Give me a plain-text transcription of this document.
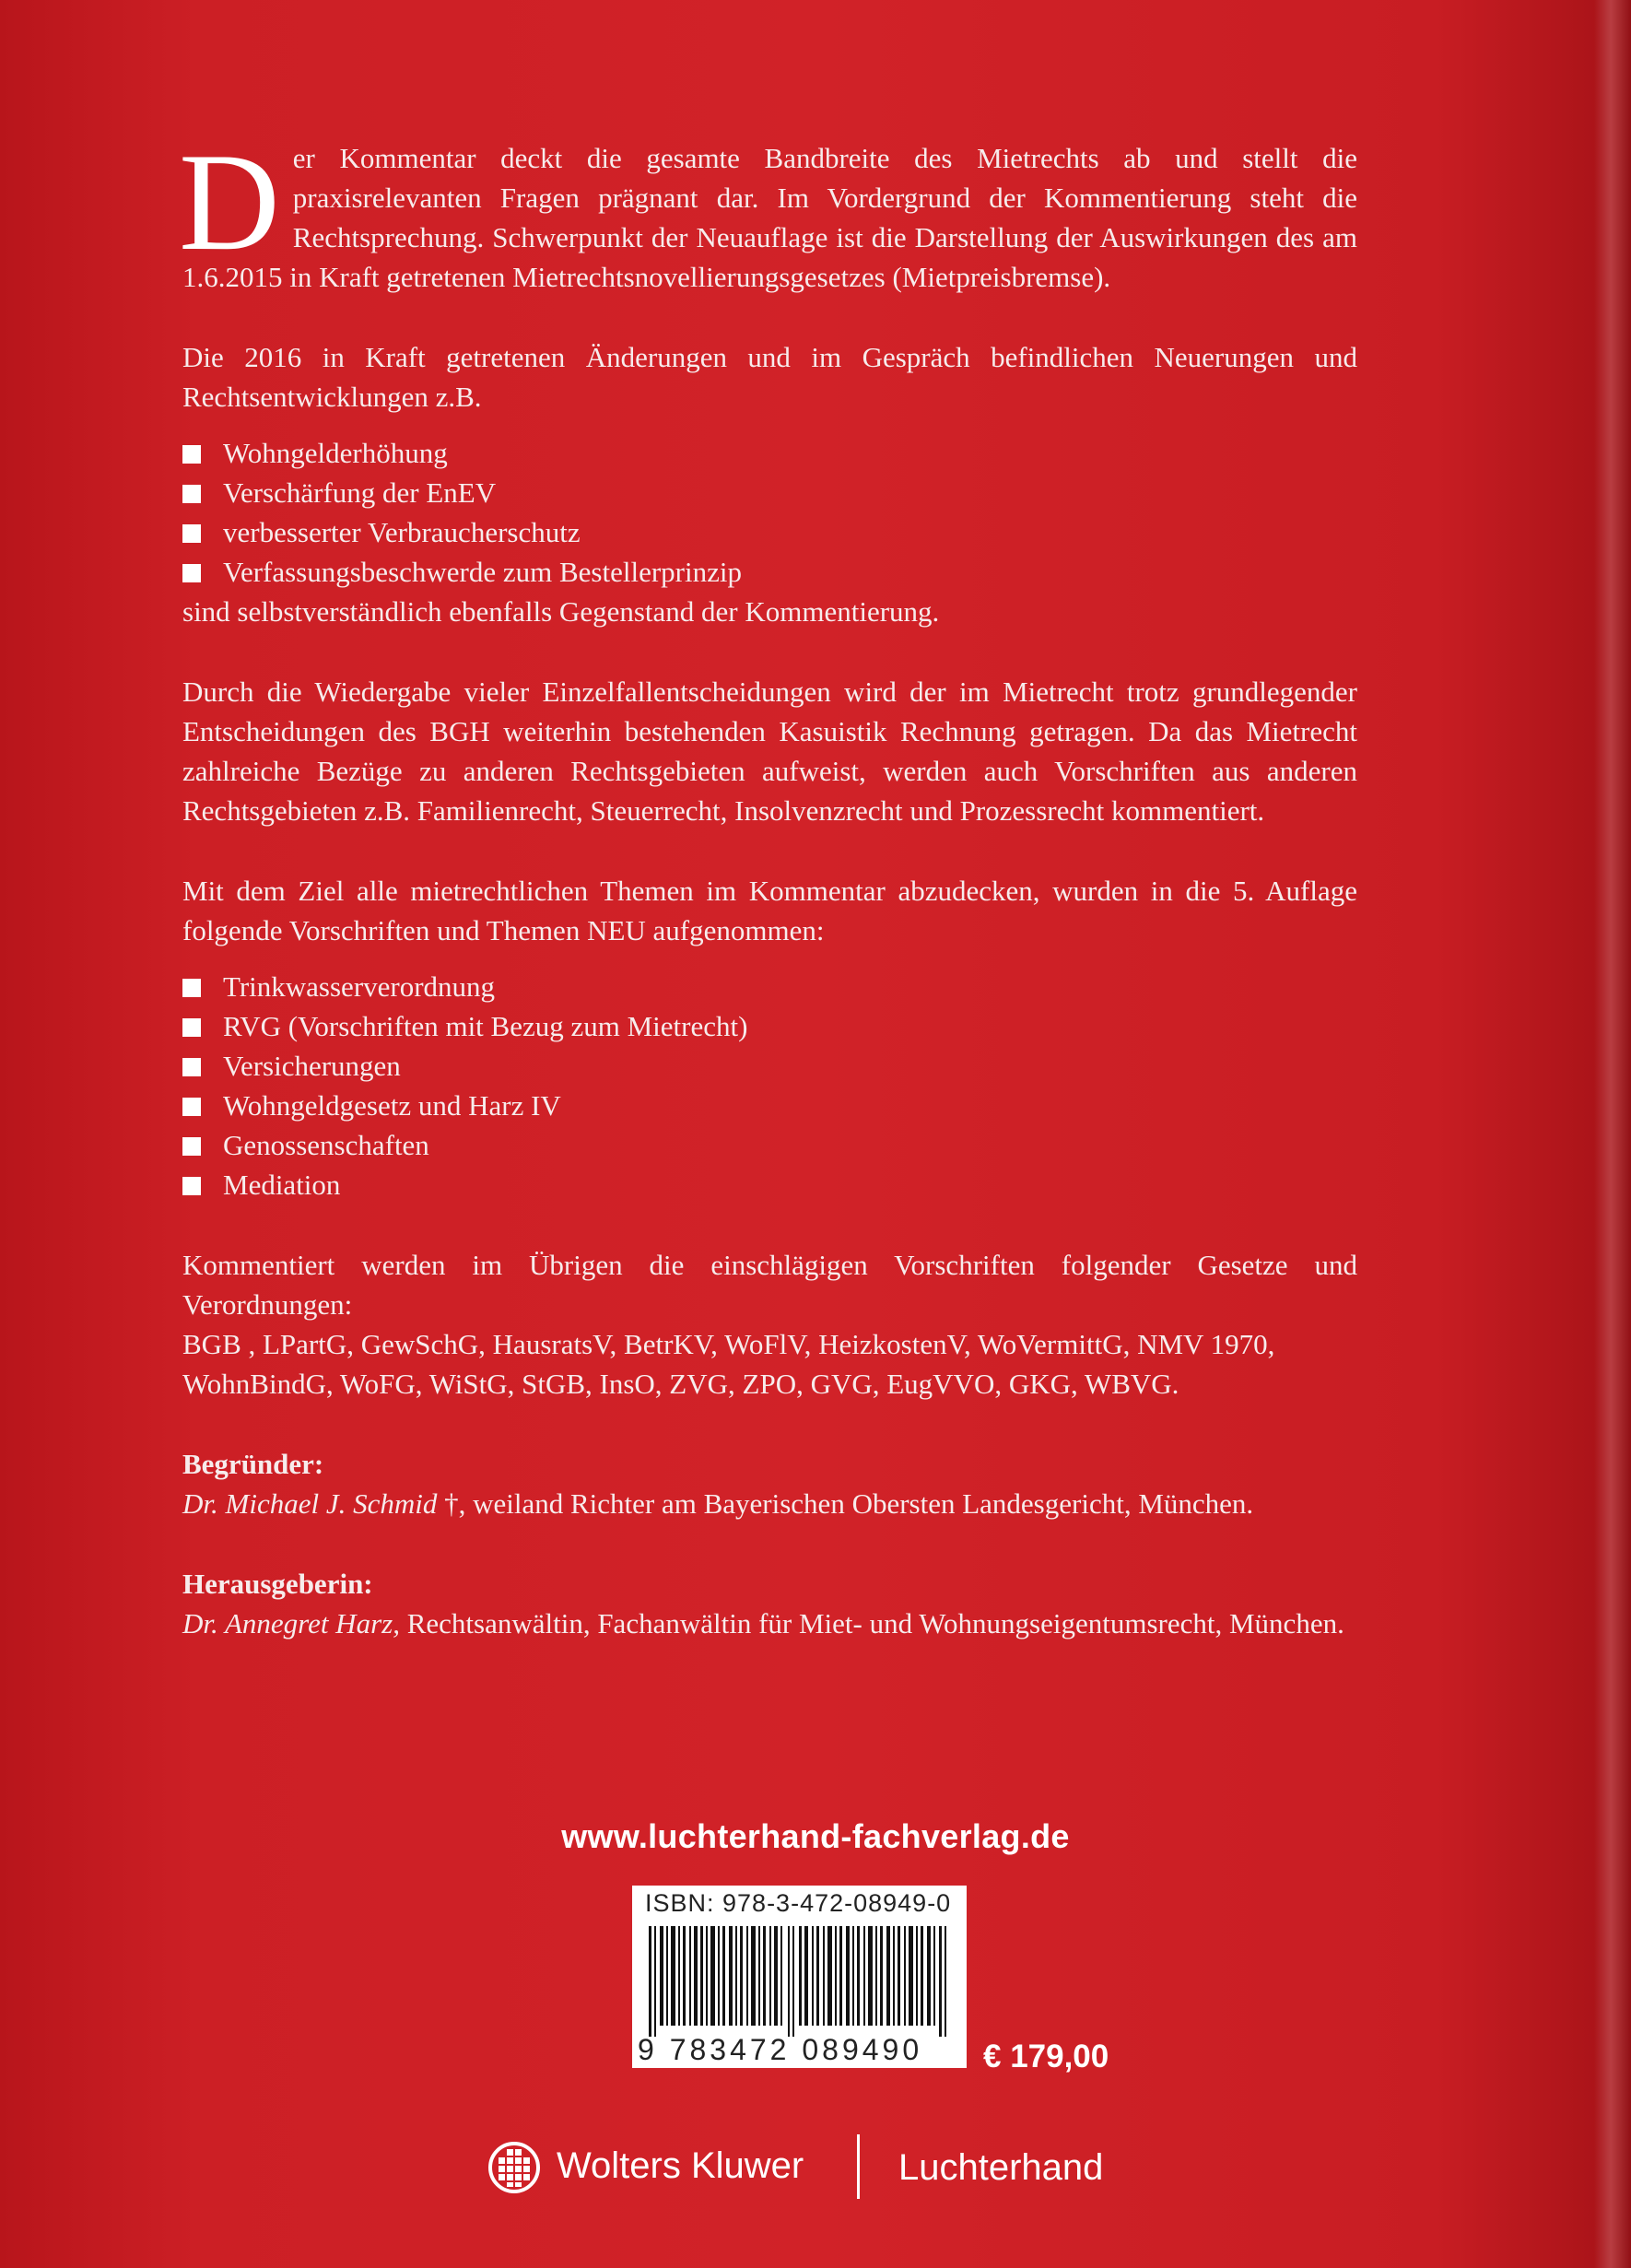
D er Kommentar deckt die gesamte Bandbreite des Mietrechts ab und stellt die praxisrelevanten Fragen prägnant dar. Im Vordergrund der Kommentierung steht die Rechtsprechung. Schwerpunkt der Neuauflage ist die Darstellung der Auswirkungen des am 1.6.2015 in Kraft getretenen Mietrechtsnovellierungsgesetzes (Mietpreisbremse).

Die 2016 in Kraft getretenen Änderungen und im Gespräch befindlichen Neuerungen und Rechtsentwicklungen z.B.

Wohngelderhöhung
Verschärfung der EnEV
verbesserter Verbraucherschutz
Verfassungsbeschwerde zum Bestellerprinzip

sind selbstverständlich ebenfalls Gegenstand der Kommentierung.

Durch die Wiedergabe vieler Einzelfallentscheidungen wird der im Mietrecht trotz grundlegender Entscheidungen des BGH weiterhin bestehenden Kasuistik Rechnung getragen. Da das Mietrecht zahlreiche Bezüge zu anderen Rechtsgebieten aufweist, werden auch Vorschriften aus anderen Rechtsgebieten z.B. Familienrecht, Steuerrecht, Insolvenzrecht und Prozessrecht kommentiert.

Mit dem Ziel alle mietrechtlichen Themen im Kommentar abzudecken, wurden in die 5. Auflage folgende Vorschriften und Themen NEU aufgenommen:

Trinkwasserverordnung
RVG (Vorschriften mit Bezug zum Mietrecht)
Versicherungen
Wohngeldgesetz und Harz IV
Genossenschaften
Mediation

Kommentiert werden im Übrigen die einschlägigen Vorschriften folgender Gesetze und Verordnungen:

BGB , LPartG, GewSchG, HausratsV, BetrKV, WoFlV, HeizkostenV, WoVermittG, NMV 1970, WohnBindG, WoFG, WiStG, StGB, InsO, ZVG, ZPO, GVG, EugVVO, GKG, WBVG.

Begründer:

Dr. Michael J. Schmid †, weiland Richter am Bayerischen Obersten Landesgericht, München.

Herausgeberin:

Dr. Annegret Harz, Rechtsanwältin, Fachanwältin für Miet- und Wohnungseigentumsrecht, München.

www.luchterhand-fachverlag.de
ISBN: 978-3-472-08949-0
9 783472 089490 € 179,00
Wolters Kluwer	Luchterhand
